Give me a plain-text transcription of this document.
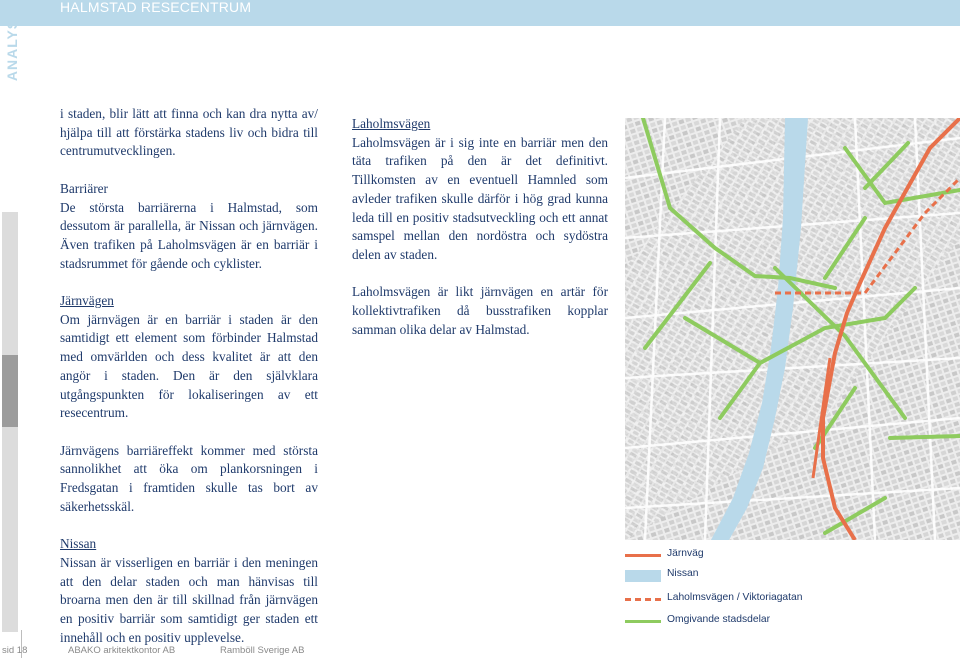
HALMSTAD RESECENTRUM
ANALYS

i staden, blir lätt att finna och kan dra nytta av/ hjälpa till att förstärka stadens liv och bidra till centrumutvecklingen.

Barriärer

De största barriärerna i Halmstad, som dessutom är parallella, är Nissan och järnvägen. Även trafiken på Laholmsvägen är en barriär i stadsrummet för gående och cyklister.

Järnvägen

Om järnvägen är en barriär i staden är den samtidigt ett element som förbinder Halmstad med omvärlden och dess kvalitet är att den angör i staden. Den är den självklara utgångspunkten för lokaliseringen av ett resecentrum.

Järnvägens barriäreffekt kommer med största sannolikhet att öka om plankorsningen i Fredsgatan i framtiden skulle tas bort av säkerhetsskäl.

Nissan

Nissan är visserligen en barriär i den meningen att den delar staden och man hänvisas till broarna men den är till skillnad från järnvägen en positiv barriär som samtidigt ger staden ett innehåll och en positiv upplevelse.

Laholmsvägen

Laholmsvägen är i sig inte en barriär men den täta trafiken på den är det definitivt. Tillkomsten av en eventuell Hamnled som avleder trafiken skulle därför i hög grad kunna leda till en positiv stadsutveckling och ett annat samspel mellan den nordöstra och sydöstra delen av staden.

Laholmsvägen är likt järnvägen en artär för kollektivtrafiken då busstrafiken kopplar samman olika delar av Halmstad.

Järnväg
Nissan
Laholmsvägen / Viktoriagatan
Omgivande stadsdelar
sid 18	ABAKO arkitektkontor AB	Ramböll Sverige AB
